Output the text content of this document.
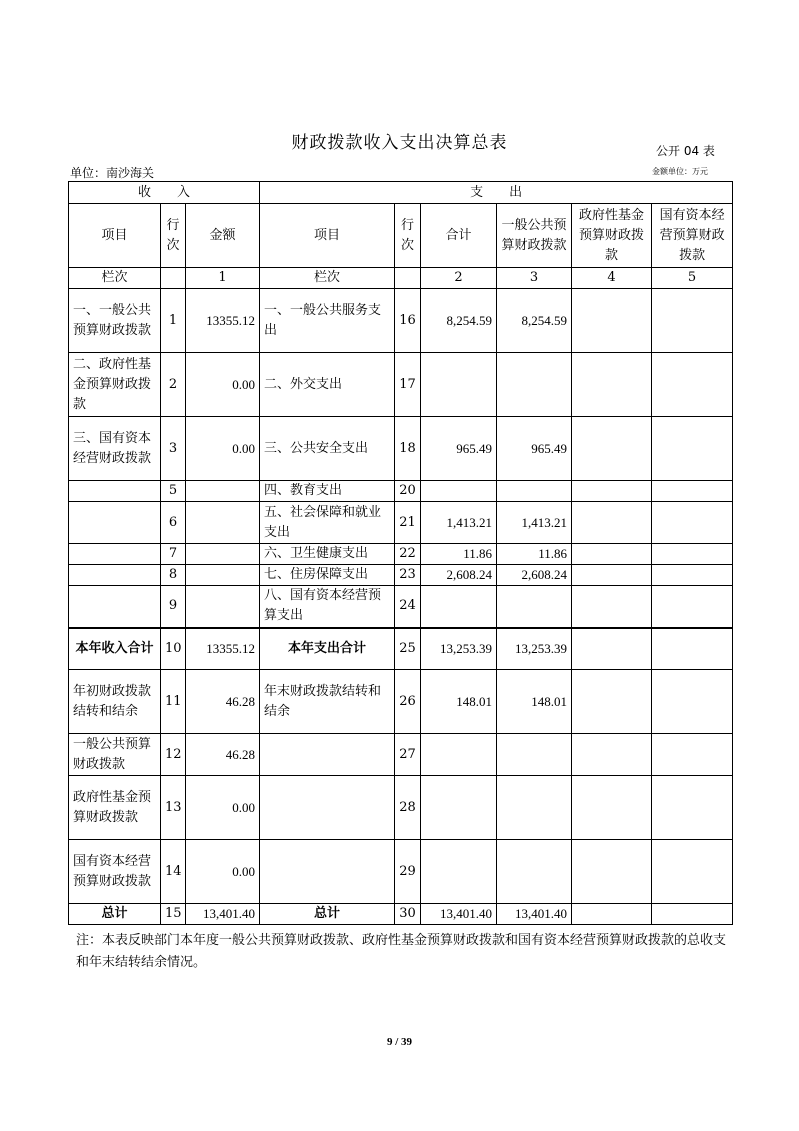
财政拨款收入支出决算总表	公开 04 表
单位：南沙海关	金额单位：万元
收　　入			支　　出					
项目	行次	金额	项目	行次	合计	一般公共预算财政拨款	政府性基金预算财政拨款	国有资本经营预算财政拨款
栏次		1	栏次		2	3	4	5
一、一般公共预算财政拨款	1	13355.12	一、一般公共服务支出	16	8,254.59	8,254.59		
二、政府性基金预算财政拨款	2	0.00	二、外交支出	17				
三、国有资本经营财政拨款	3	0.00	三、公共安全支出	18	965.49	965.49		
	5		四、教育支出	20				
	6		五、社会保障和就业支出	21	1,413.21	1,413.21		
	7		六、卫生健康支出	22	11.86	11.86		
	8		七、住房保障支出	23	2,608.24	2,608.24		
	9		八、国有资本经营预算支出	24				
本年收入合计	10	13355.12	本年支出合计	25	13,253.39	13,253.39		
年初财政拨款结转和结余	11	46.28	年末财政拨款结转和结余	26	148.01	148.01		
一般公共预算财政拨款	12	46.28		27				
政府性基金预算财政拨款	13	0.00		28				
国有资本经营预算财政拨款	14	0.00		29				
总计	15	13,401.40	总计	30	13,401.40	13,401.40		
注：本表反映部门本年度一般公共预算财政拨款、政府性基金预算财政拨款和国有资本经营预算财政拨款的总收支和年末结转结余情况。
9 / 39
